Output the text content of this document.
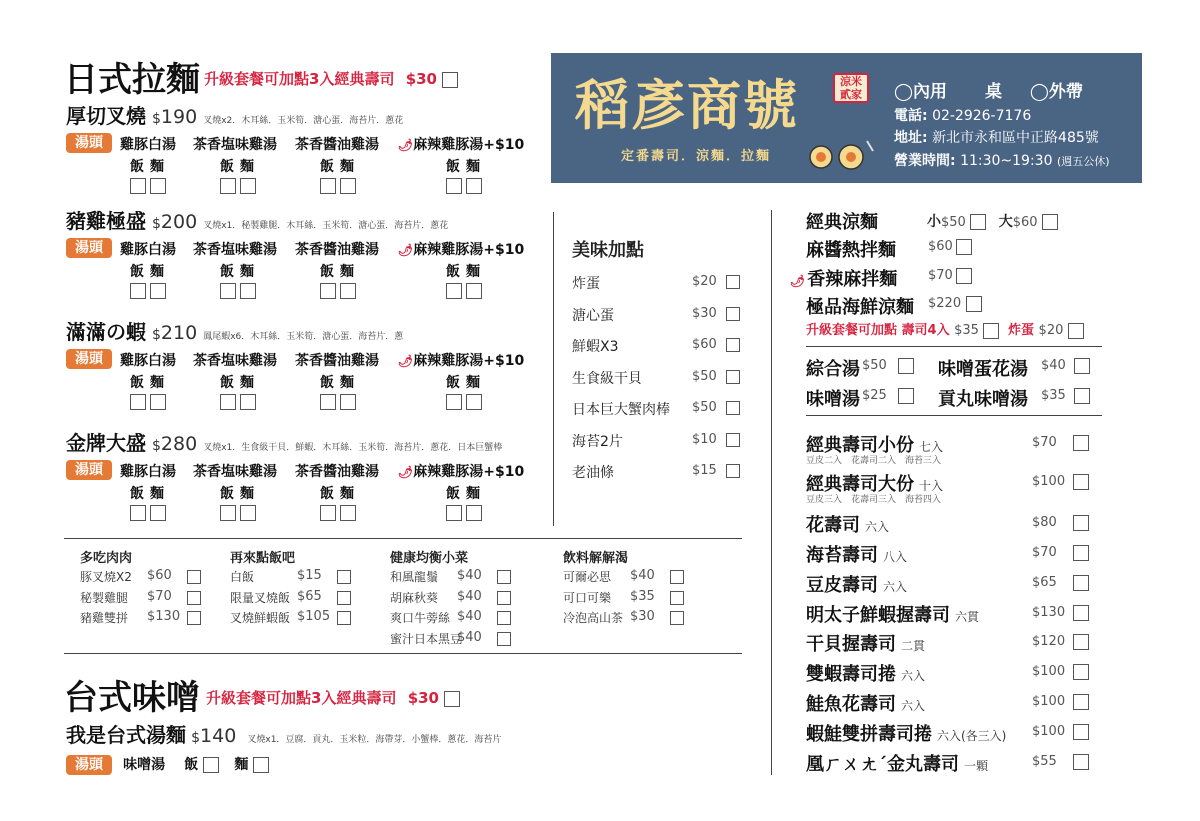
日式拉麵 升級套餐可加點3入經典壽司 $30
厚切叉燒 $190 叉燒x2．木耳絲．玉米筍．溏心蛋．海苔片．蔥花
湯頭	雞豚白湯 茶香塩味雞湯 茶香醬油雞湯 🌶麻辣雞豚湯+$10
飯 麵	飯 麵	飯 麵	飯 麵
豬雞極盛 $200 叉燒x1．秘製雞腿．木耳絲．玉米筍．溏心蛋．海苔片．蔥花
湯頭	雞豚白湯 茶香塩味雞湯 茶香醬油雞湯 🌶麻辣雞豚湯+$10
飯 麵	飯 麵	飯 麵	飯 麵
滿滿の蝦 $210 鳳尾蝦x6．木耳絲．玉米筍．溏心蛋．海苔片．蔥
湯頭	雞豚白湯 茶香塩味雞湯 茶香醬油雞湯 🌶麻辣雞豚湯+$10
飯 麵	飯 麵	飯 麵	飯 麵
金牌大盛 $280 叉燒x1．生食級干貝．鮮蝦．木耳絲．玉米筍．海苔片．蔥花．日本巨蟹棒
湯頭	雞豚白湯 茶香塩味雞湯 茶香醬油雞湯 🌶麻辣雞豚湯+$10
飯 麵	飯 麵	飯 麵	飯 麵
稻彥商號	涼米貳家
定番壽司．涼麵．拉麵
◯內用 桌 ◯外帶
電話: 02-2926-7176
地址: 新北市永和區中正路485號
營業時間: 11:30~19:30 (週五公休)
美味加點
炸蛋	$20
溏心蛋	$30
鮮蝦X3	$60
生食級干貝	$50
日本巨大蟹肉棒 $50
海苔2片	$10
老油條	$15
多吃肉肉
豚叉燒X2 $60
秘製雞腿 $70
豬雞雙拼 $130
再來點飯吧
白飯	$15
限量叉燒飯 $65
叉燒鮮蝦飯 $105
健康均衡小菜
和風龍鬚 $40
胡麻秋葵 $40
爽口牛蒡絲 $40
蜜汁日本黑豆
$40
飲料解解渴
可爾必思 $40
可口可樂 $35
冷泡高山茶 $30
台式味噌 升級套餐可加點3入經典壽司 $30
我是台式湯麵 $140 叉燒x1．豆腐．貢丸．玉米粒．海帶芽．小蟹棒．蔥花．海苔片
湯頭 味噌湯 飯	麵
經典涼麵	小$50 大$60
麻醬熱拌麵 $60
🌶 香辣麻拌麵 $70
極品海鮮涼麵 $220
升級套餐可加點 壽司4入 $35 炸蛋 $20
綜合湯 $50	味噌蛋花湯 $40
味噌湯 $25	貢丸味噌湯 $35
經典壽司小份 七入
豆皮二入　花壽司二入　海苔三入
$70
經典壽司大份 十入
豆皮三入　花壽司三入　海苔四入
$100
花壽司 六入	$80
海苔壽司 八入	$70
豆皮壽司 六入	$65
明太子鮮蝦握壽司 六貫	$130
干貝握壽司 二貫	$120
雙蝦壽司捲 六入	$100
鮭魚花壽司 六入	$100
蝦鮭雙拼壽司捲 六入(各三入) $100
凰ㄏㄨㄤˊ金丸壽司 一顆	$55
